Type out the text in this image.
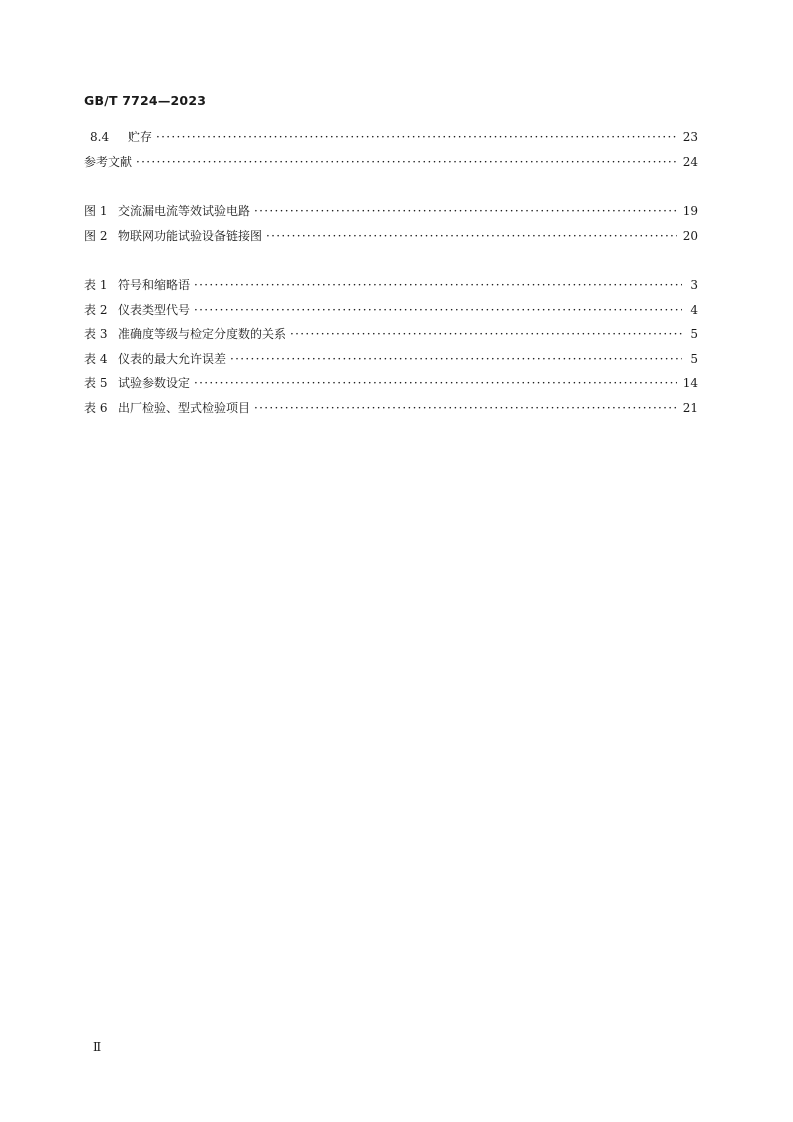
GB/T 7724—2023
8.4	贮存 ·····	23
参考文献 ·····	24
图 1 交流漏电流等效试验电路 ·····	19
图 2 物联网功能试验设备链接图 ·····	20
表 1 符号和缩略语 ·····	3
表 2 仪表类型代号 ·····	4
表 3 准确度等级与检定分度数的关系 ·····	5
表 4 仪表的最大允许误差 ·····	5
表 5 试验参数设定 ·····	14
表 6 出厂检验、型式检验项目 ·····	21
Ⅱ
